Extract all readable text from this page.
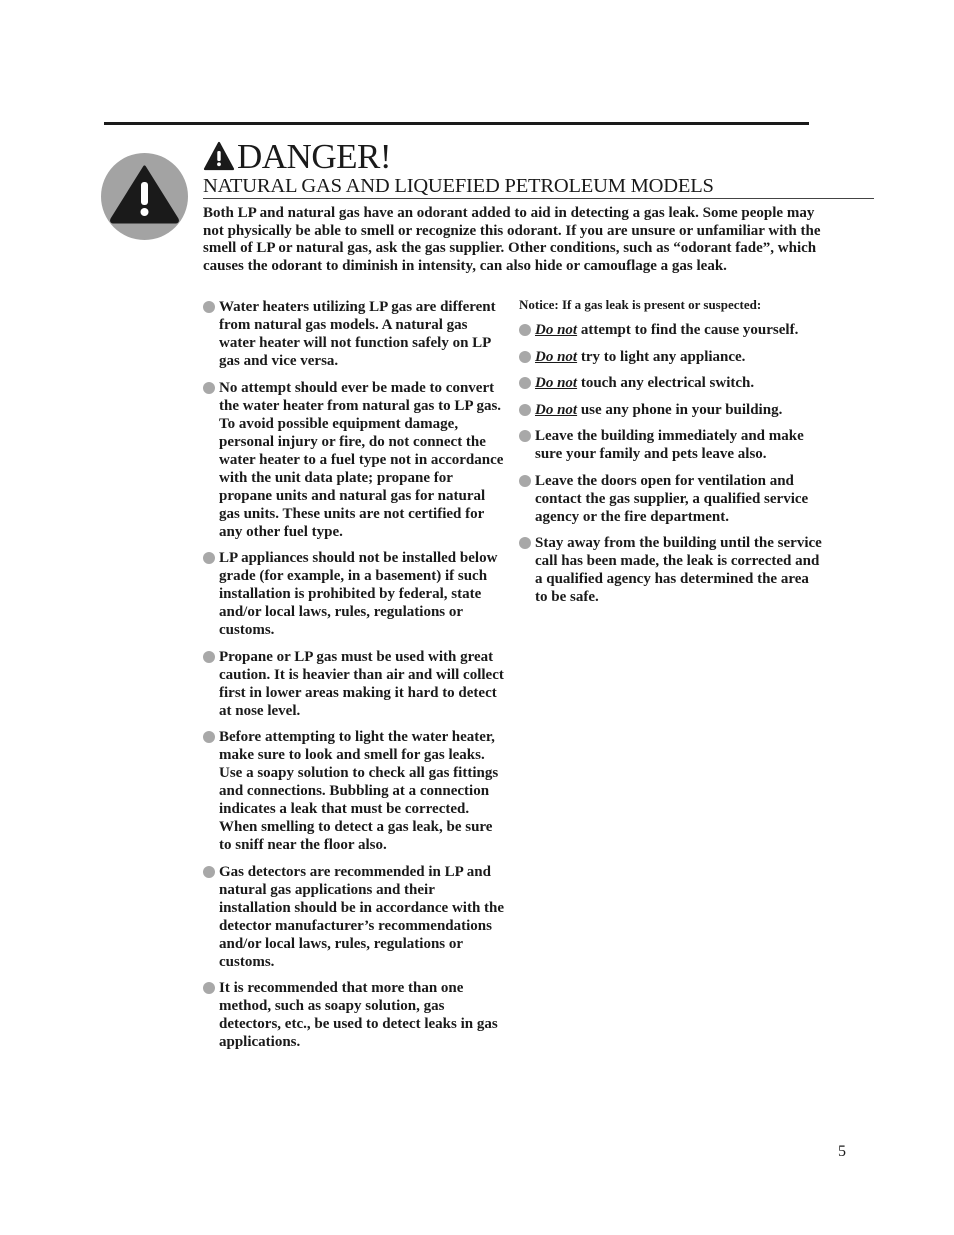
DANGER!
NATURAL GAS AND LIQUEFIED PETROLEUM MODELS

Both LP and natural gas have an odorant added to aid in detecting a gas leak. Some people may not physically be able to smell or recognize this odorant. If you are unsure or unfamiliar with the smell of LP or natural gas, ask the gas supplier. Other conditions, such as “odorant fade”, which causes the odorant to diminish in intensity, can also hide or camouflage a gas leak.

Water heaters utilizing LP gas are different from natural gas models. A natural gas water heater will not function safely on LP gas and vice versa.
No attempt should ever be made to convert the water heater from natural gas to LP gas. To avoid possible equipment damage, personal injury or fire, do not connect the water heater to a fuel type not in accordance with the unit data plate; propane for propane units and natural gas for natural gas units. These units are not certified for any other fuel type.
LP appliances should not be installed below grade (for example, in a basement) if such installation is prohibited by federal, state and/or local laws, rules, regulations or customs.
Propane or LP gas must be used with great caution. It is heavier than air and will collect first in lower areas making it hard to detect at nose level.
Before attempting to light the water heater, make sure to look and smell for gas leaks. Use a soapy solution to check all gas fittings and connections. Bubbling at a connection indicates a leak that must be corrected. When smelling to detect a gas leak, be sure to sniff near the floor also.
Gas detectors are recommended in LP and natural gas applications and their installation should be in accordance with the detector manufacturer’s recommendations and/or local laws, rules, regulations or customs.
It is recommended that more than one method, such as soapy solution, gas detectors, etc., be used to detect leaks in gas applications.

Notice: If a gas leak is present or suspected:

Do not attempt to find the cause yourself.
Do not try to light any appliance.
Do not touch any electrical switch.
Do not use any phone in your building.
Leave the building immediately and make sure your family and pets leave also.
Leave the doors open for ventilation and contact the gas supplier, a qualified service agency or the fire department.
Stay away from the building until the service call has been made, the leak is corrected and a qualified agency has determined the area to be safe.
5
